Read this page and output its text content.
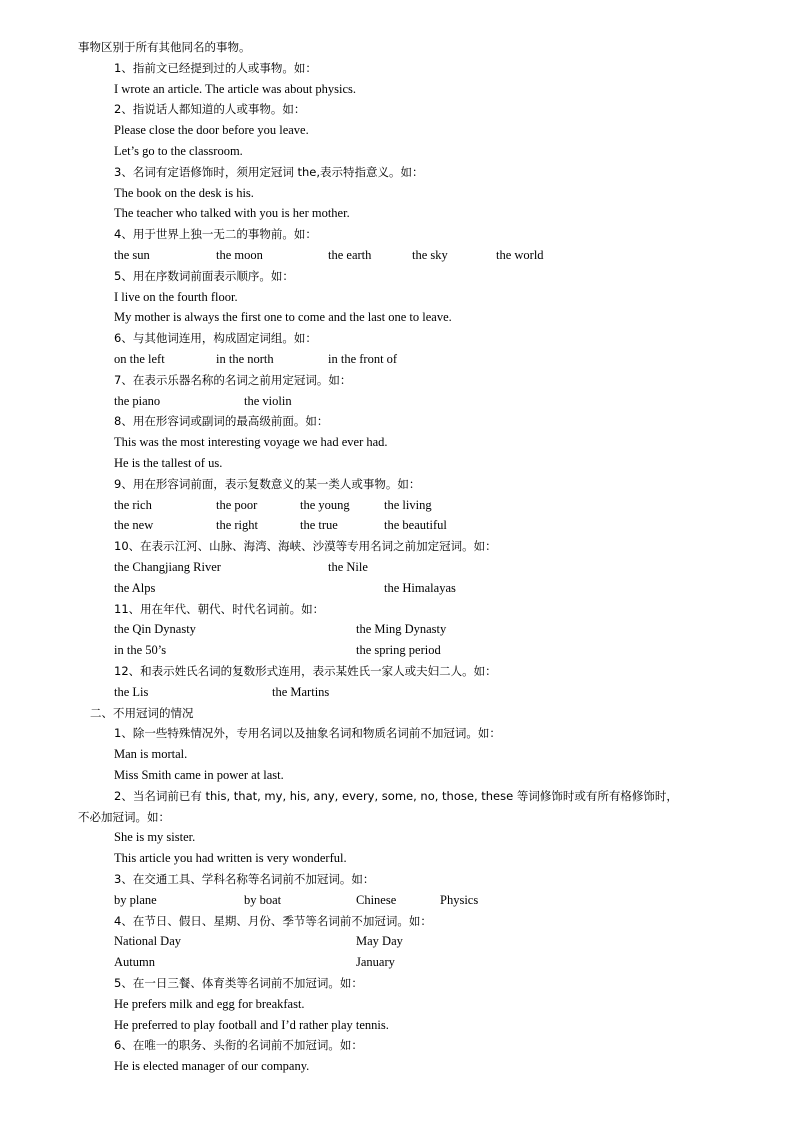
事物区别于所有其他同名的事物。
1、指前文已经提到过的人或事物。如：
I wrote an article. The article was about physics.
2、指说话人都知道的人或事物。如：
Please close the door before you leave.
Let’s go to the classroom.
3、名词有定语修饰时，须用定冠词 the,表示特指意义。如：
The book on the desk is his.
The teacher who talked with you is her mother.
4、用于世界上独一无二的事物前。如：
the sun	the moon	the earth	the sky	the world
5、用在序数词前面表示顺序。如：
I live on the fourth floor.
My mother is always the first one to come and the last one to leave.
6、与其他词连用，构成固定词组。如：
on the left	in the north	in the front of
7、在表示乐器名称的名词之前用定冠词。如：
the piano	the violin
8、用在形容词或副词的最高级前面。如：
This was the most interesting voyage we had ever had.
He is the tallest of us.
9、用在形容词前面，表示复数意义的某一类人或事物。如：
the rich	the poor	the young	the living
the new	the right	the true	the beautiful
10、在表示江河、山脉、海湾、海峡、沙漠等专用名词之前加定冠词。如：
the Changjiang River	the Nile
the Alps	the Himalayas
11、用在年代、朝代、时代名词前。如：
the Qin Dynasty	the Ming Dynasty
in the 50’s	the spring period
12、和表示姓氏名词的复数形式连用，表示某姓氏一家人或夫妇二人。如：
the Lis	the Martins
二、不用冠词的情况
1、除一些特殊情况外，专用名词以及抽象名词和物质名词前不加冠词。如：
Man is mortal.
Miss Smith came in power at last.
2、当名词前已有 this, that, my, his, any, every, some, no, those, these 等词修饰时或有所有格修饰时，
不必加冠词。如：
She is my sister.
This article you had written is very wonderful.
3、在交通工具、学科名称等名词前不加冠词。如：
by plane	by boat	Chinese	Physics
4、在节日、假日、星期、月份、季节等名词前不加冠词。如：
National Day	May Day
Autumn	January
5、在一日三餐、体育类等名词前不加冠词。如：
He prefers milk and egg for breakfast.
He preferred to play football and I’d rather play tennis.
6、在唯一的职务、头衔的名词前不加冠词。如：
He is elected manager of our company.
